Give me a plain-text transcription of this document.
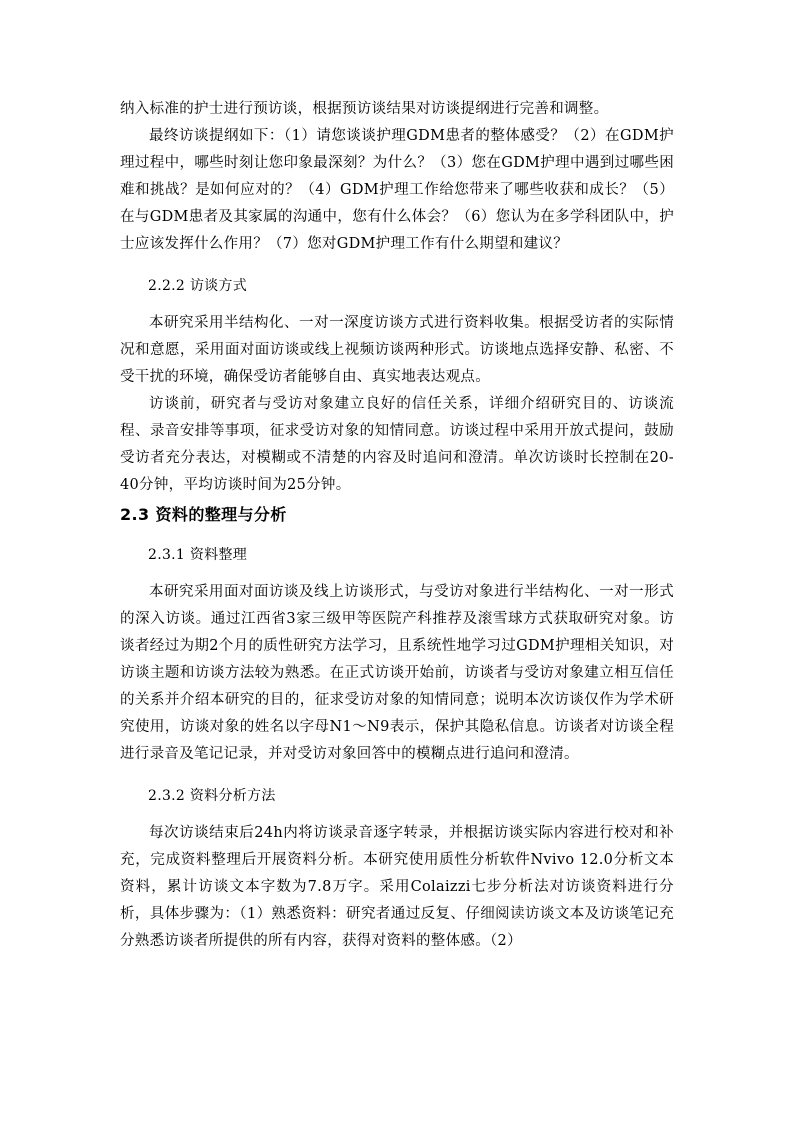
纳入标准的护士进行预访谈，根据预访谈结果对访谈提纲进行完善和调整。

最终访谈提纲如下：（1）请您谈谈护理GDM患者的整体感受？（2）在GDM护理过程中，哪些时刻让您印象最深刻？为什么？（3）您在GDM护理中遇到过哪些困难和挑战？是如何应对的？（4）GDM护理工作给您带来了哪些收获和成长？（5）在与GDM患者及其家属的沟通中，您有什么体会？（6）您认为在多学科团队中，护士应该发挥什么作用？（7）您对GDM护理工作有什么期望和建议？

2.2.2 访谈方式

本研究采用半结构化、一对一深度访谈方式进行资料收集。根据受访者的实际情况和意愿，采用面对面访谈或线上视频访谈两种形式。访谈地点选择安静、私密、不受干扰的环境，确保受访者能够自由、真实地表达观点。

访谈前，研究者与受访对象建立良好的信任关系，详细介绍研究目的、访谈流程、录音安排等事项，征求受访对象的知情同意。访谈过程中采用开放式提问，鼓励受访者充分表达，对模糊或不清楚的内容及时追问和澄清。单次访谈时长控制在20-40分钟，平均访谈时间为25分钟。

2.3 资料的整理与分析
2.3.1 资料整理

本研究采用面对面访谈及线上访谈形式，与受访对象进行半结构化、一对一形式的深入访谈。通过江西省3家三级甲等医院产科推荐及滚雪球方式获取研究对象。访谈者经过为期2个月的质性研究方法学习，且系统性地学习过GDM护理相关知识，对访谈主题和访谈方法较为熟悉。在正式访谈开始前，访谈者与受访对象建立相互信任的关系并介绍本研究的目的，征求受访对象的知情同意；说明本次访谈仅作为学术研究使用，访谈对象的姓名以字母N1～N9表示，保护其隐私信息。访谈者对访谈全程进行录音及笔记记录，并对受访对象回答中的模糊点进行追问和澄清。

2.3.2 资料分析方法

每次访谈结束后24h内将访谈录音逐字转录，并根据访谈实际内容进行校对和补充，完成资料整理后开展资料分析。本研究使用质性分析软件Nvivo 12.0分析文本资料，累计访谈文本字数为7.8万字。采用Colaizzi七步分析法对访谈资料进行分析，具体步骤为：（1）熟悉资料：研究者通过反复、仔细阅读访谈文本及访谈笔记充分熟悉访谈者所提供的所有内容，获得对资料的整体感。（2）
